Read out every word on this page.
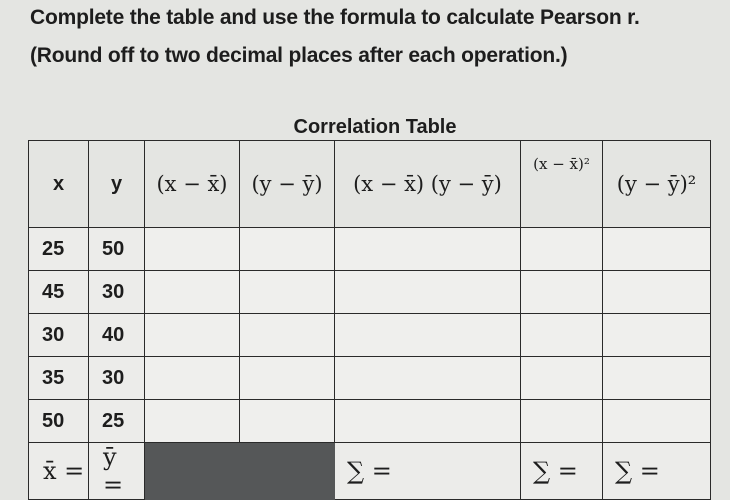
Complete the table and use the formula to calculate Pearson r.
(Round off to two decimal places after each operation.)
Correlation Table
x	y	(x − x̄)	(y − ȳ)	(x − x̄) (y − ȳ)	(x − x̄)²	(y − ȳ)²
25	50					
45	30					
30	40					
35	30					
50	25					
x̄ =	ȳ =			∑ =	∑ =	∑ =
